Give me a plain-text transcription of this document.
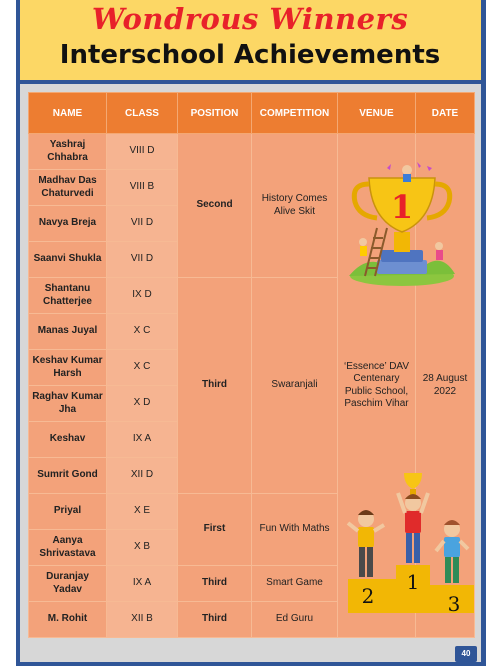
Wondrous Winners
Interschool Achievements
NAME	CLASS	POSITION	COMPETITION	VENUE	DATE
Yashraj Chhabra	VIII D	Second	History Comes Alive Skit	‘Essence’ DAV Centenary Public School, Paschim Vihar	28 August 2022
Madhav Das Chaturvedi	VIII B				
Navya Breja	VII D				
Saanvi Shukla	VII D				
Shantanu Chatterjee	IX D	Third	Swaranjali		
Manas Juyal	X C				
Keshav Kumar Harsh	X C				
Raghav Kumar Jha	X D				
Keshav	IX A				
Sumrit Gond	XII D				
Priyal	X E	First	Fun With Maths		
Aanya Shrivastava	X B				
Duranjay Yadav	IX A	Third	Smart Game		
M. Rohit	XII B	Third	Ed Guru		
1
1
2	3
40
